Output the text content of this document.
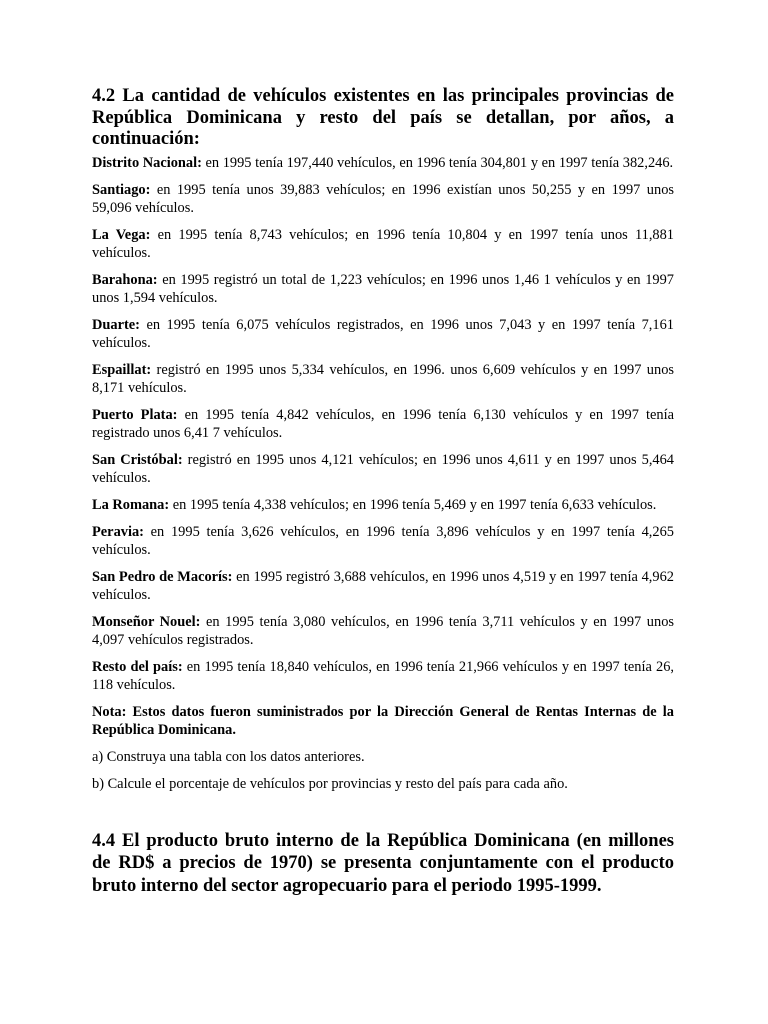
4.2 La cantidad de vehículos existentes en las principales provincias de República Dominicana y resto del país se detallan, por años, a continuación:

Distrito Nacional: en 1995 tenía 197,440 vehículos, en 1996 tenía 304,801 y en 1997 tenía 382,246.

Santiago: en 1995 tenía unos 39,883 vehículos; en 1996 existían unos 50,255 y en 1997 unos 59,096 vehículos.

La Vega: en 1995 tenía 8,743 vehículos; en 1996 tenía 10,804 y en 1997 tenía unos 11,881 vehículos.

Barahona: en 1995 registró un total de 1,223 vehículos; en 1996 unos 1,46 1 vehículos y en 1997 unos 1,594 vehículos.

Duarte: en 1995 tenía 6,075 vehículos registrados, en 1996 unos 7,043 y en 1997 tenía 7,161 vehículos.

Espaillat: registró en 1995 unos 5,334 vehículos, en 1996. unos 6,609 vehículos y en 1997 unos 8,171 vehículos.

Puerto Plata: en 1995 tenía 4,842 vehículos, en 1996 tenía 6,130 vehículos y en 1997 tenía registrado unos 6,41 7 vehículos.

San Cristóbal: registró en 1995 unos 4,121 vehículos; en 1996 unos 4,611 y en 1997 unos 5,464 vehículos.

La Romana: en 1995 tenía 4,338 vehículos; en 1996 tenía 5,469 y en 1997 tenía 6,633 vehículos.

Peravia: en 1995 tenía 3,626 vehículos, en 1996 tenía 3,896 vehículos y en 1997 tenía 4,265 vehículos.

San Pedro de Macorís: en 1995 registró 3,688 vehículos, en 1996 unos 4,519 y en 1997 tenía 4,962 vehículos.

Monseñor Nouel: en 1995 tenía 3,080 vehículos, en 1996 tenía 3,711 vehículos y en 1997 unos 4,097 vehículos registrados.

Resto del país: en 1995 tenía 18,840 vehículos, en 1996 tenía 21,966 vehículos y en 1997 tenía 26, 118 vehículos.

Nota: Estos datos fueron suministrados por la Dirección General de Rentas Internas de la República Dominicana.

a) Construya una tabla con los datos anteriores.

b) Calcule el porcentaje de vehículos por provincias y resto del país para cada año.

4.4 El producto bruto interno de la República Dominicana (en millones de RD$ a precios de 1970) se presenta conjuntamente con el producto bruto interno del sector agropecuario para el periodo 1995-1999.
